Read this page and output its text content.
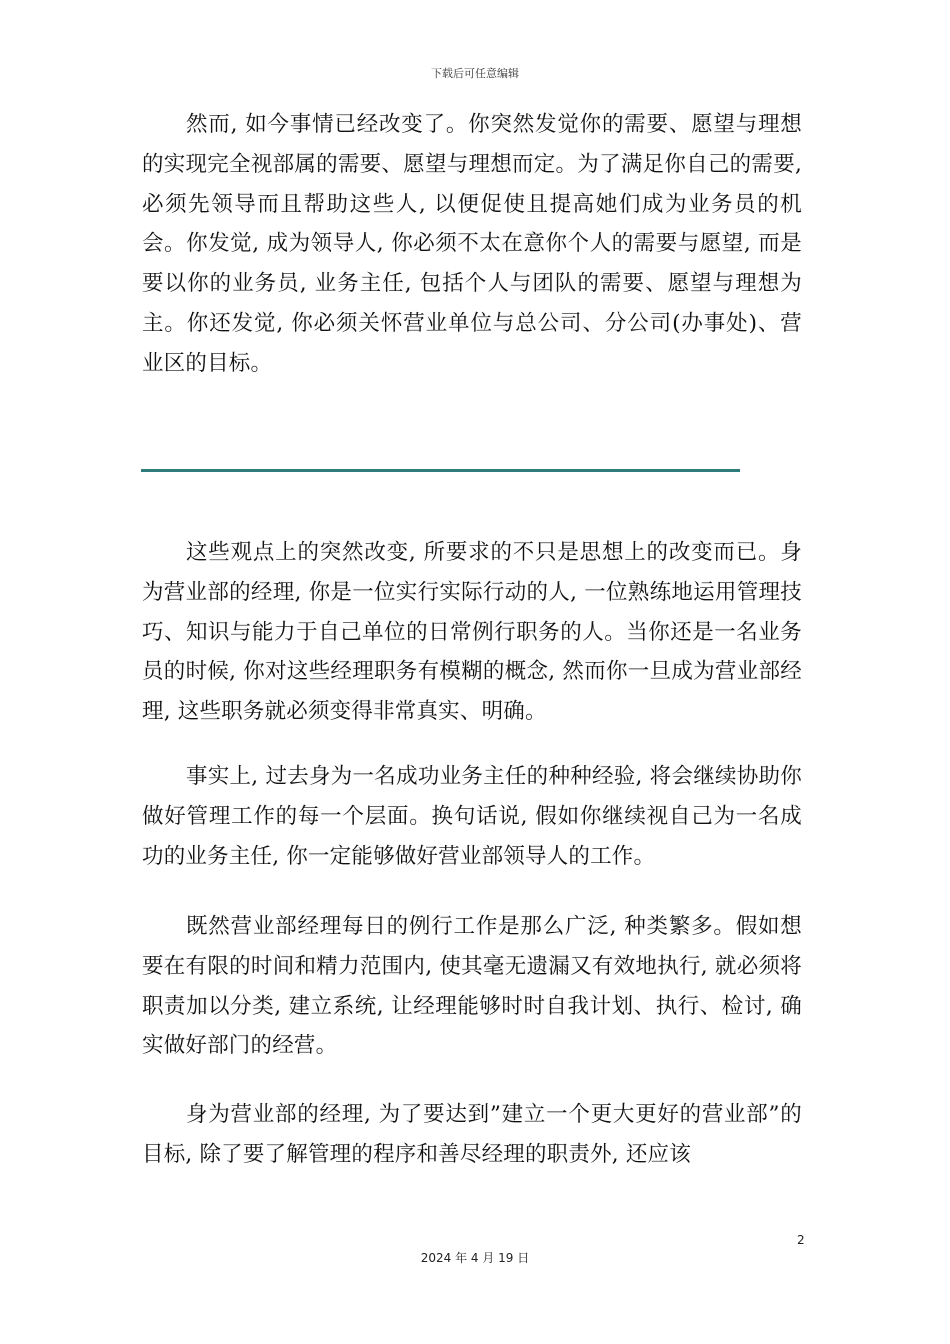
下载后可任意编辑

然而, 如今事情已经改变了。你突然发觉你的需要、愿望与理想的实现完全视部属的需要、愿望与理想而定。为了满足你自己的需要, 必须先领导而且帮助这些人, 以便促使且提高她们成为业务员的机会。你发觉, 成为领导人, 你必须不太在意你个人的需要与愿望, 而是要以你的业务员, 业务主任, 包括个人与团队的需要、愿望与理想为主。你还发觉, 你必须关怀营业单位与总公司、分公司(办事处)、营业区的目标。

这些观点上的突然改变, 所要求的不只是思想上的改变而已。身为营业部的经理, 你是一位实行实际行动的人, 一位熟练地运用管理技巧、知识与能力于自己单位的日常例行职务的人。当你还是一名业务员的时候, 你对这些经理职务有模糊的概念, 然而你一旦成为营业部经理, 这些职务就必须变得非常真实、明确。

事实上, 过去身为一名成功业务主任的种种经验, 将会继续协助你做好管理工作的每一个层面。换句话说, 假如你继续视自己为一名成功的业务主任, 你一定能够做好营业部领导人的工作。

既然营业部经理每日的例行工作是那么广泛, 种类繁多。假如想要在有限的时间和精力范围内, 使其毫无遗漏又有效地执行, 就必须将职责加以分类, 建立系统, 让经理能够时时自我计划、执行、检讨, 确实做好部门的经营。

身为营业部的经理, 为了要达到”建立一个更大更好的营业部”的目标, 除了要了解管理的程序和善尽经理的职责外, 还应该

2
2024 年 4 月 19 日
